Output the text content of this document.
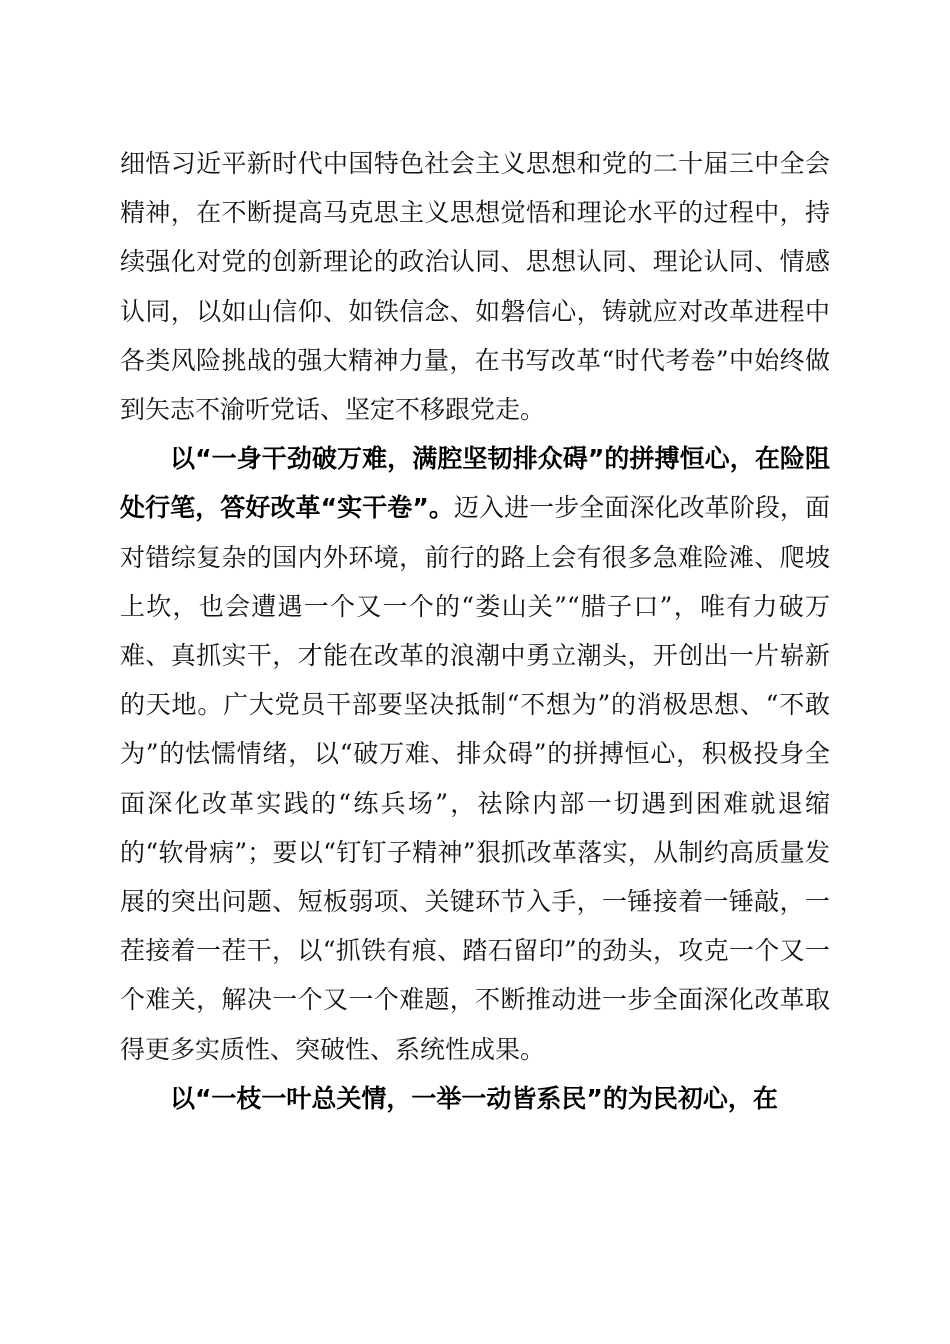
细悟习近平新时代中国特色社会主义思想和党的二十届三中全会精神，在不断提高马克思主义思想觉悟和理论水平的过程中，持续强化对党的创新理论的政治认同、思想认同、理论认同、情感认同，以如山信仰、如铁信念、如磐信心，铸就应对改革进程中各类风险挑战的强大精神力量，在书写改革“时代考卷”中始终做到矢志不渝听党话、坚定不移跟党走。

以“一身干劲破万难，满腔坚韧排众碍”的拼搏恒心，在险阻处行笔，答好改革“实干卷”。迈入进一步全面深化改革阶段，面对错综复杂的国内外环境，前行的路上会有很多急难险滩、爬坡上坎，也会遭遇一个又一个的“娄山关”“腊子口”，唯有力破万难、真抓实干，才能在改革的浪潮中勇立潮头，开创出一片崭新的天地。广大党员干部要坚决抵制“不想为”的消极思想、“不敢为”的怯懦情绪，以“破万难、排众碍”的拼搏恒心，积极投身全面深化改革实践的“练兵场”，祛除内部一切遇到困难就退缩的“软骨病”；要以“钉钉子精神”狠抓改革落实，从制约高质量发展的突出问题、短板弱项、关键环节入手，一锤接着一锤敲，一茬接着一茬干，以“抓铁有痕、踏石留印”的劲头，攻克一个又一个难关，解决一个又一个难题，不断推动进一步全面深化改革取得更多实质性、突破性、系统性成果。

以“一枝一叶总关情，一举一动皆系民”的为民初心，在
